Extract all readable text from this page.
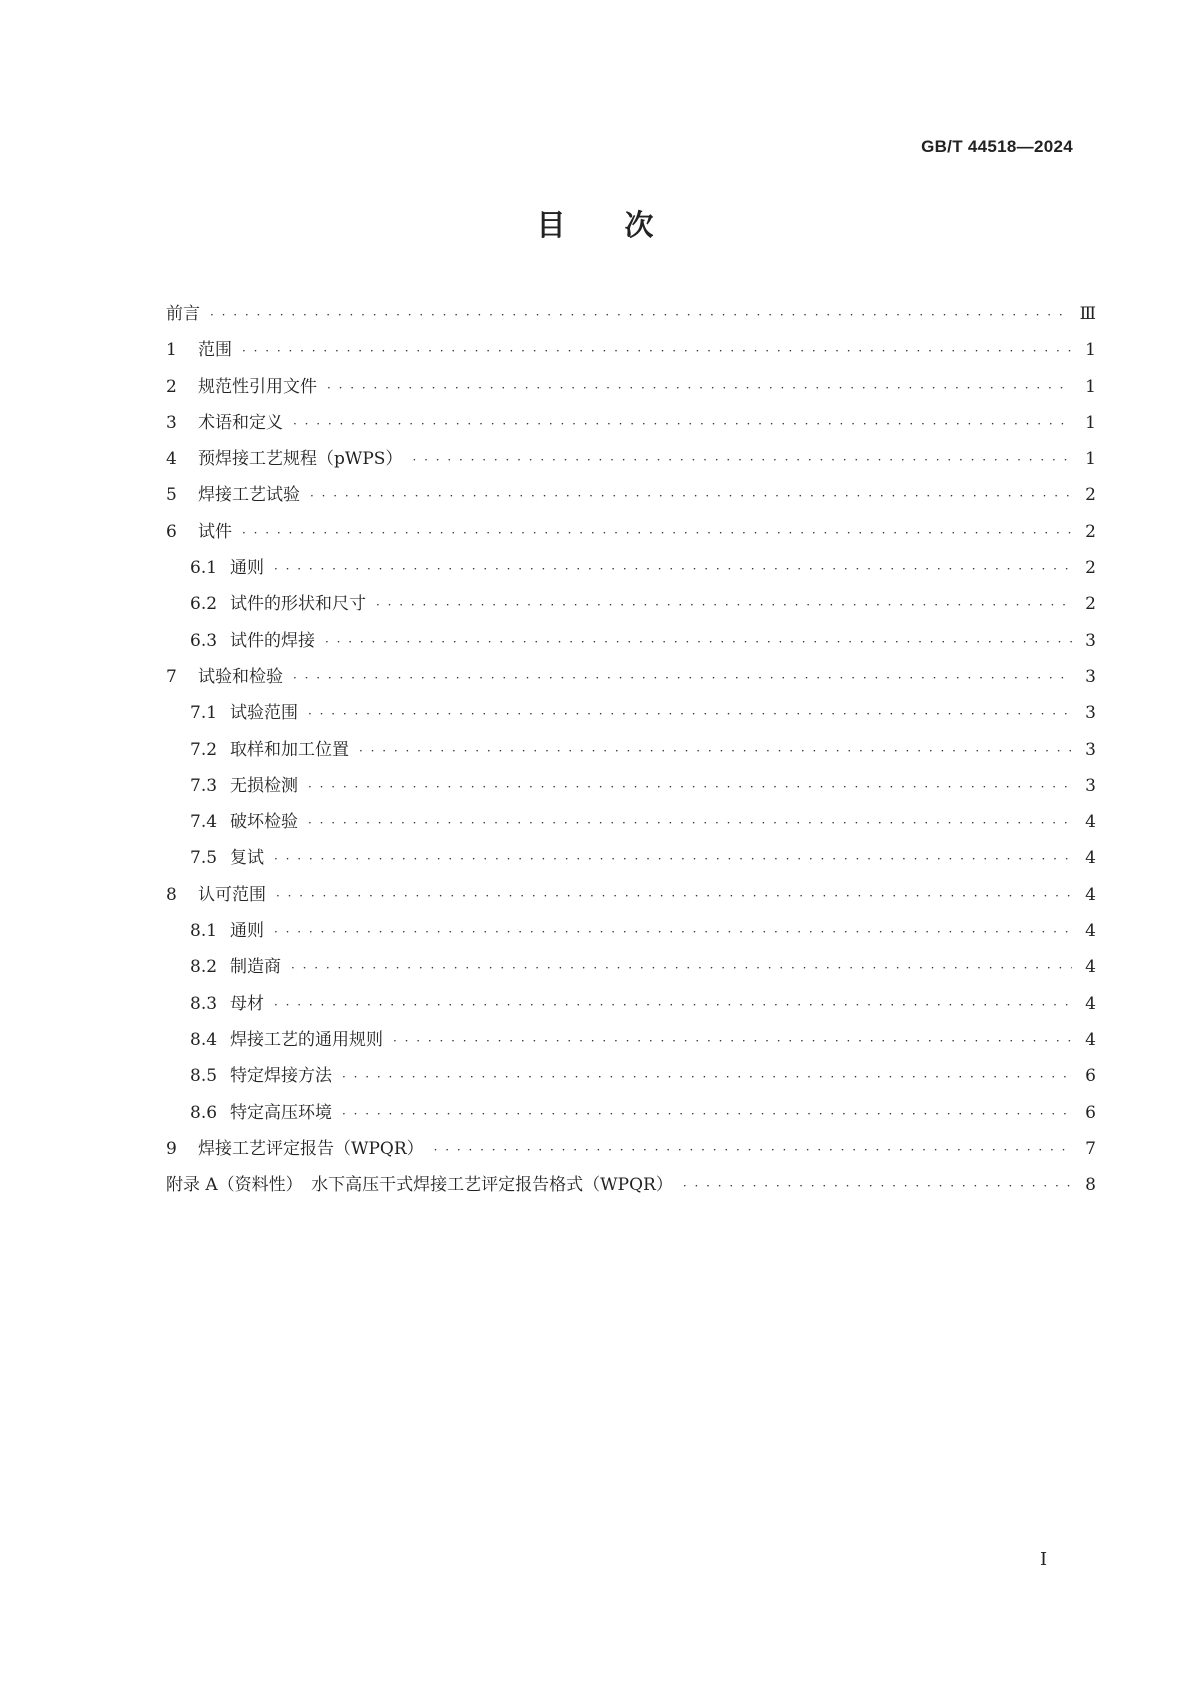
GB/T 44518—2024
目 次
前言 · · ·	Ⅲ
1	范围 · · ·	1
2	规范性引用文件 · · ·	1
3	术语和定义 · · ·	1
4	预焊接工艺规程（pWPS） · · ·	1
5	焊接工艺试验 · · ·	2
6	试件 · · ·	2
6.1 通则 · · ·	2
6.2 试件的形状和尺寸 · · ·	2
6.3 试件的焊接 · · ·	3
7	试验和检验 · · ·	3
7.1 试验范围 · · ·	3
7.2 取样和加工位置 · · ·	3
7.3 无损检测 · · ·	3
7.4 破坏检验 · · ·	4
7.5 复试 · · ·	4
8	认可范围 · · ·	4
8.1 通则 · · ·	4
8.2 制造商 · · ·	4
8.3 母材 · · ·	4
8.4 焊接工艺的通用规则 · · ·	4
8.5 特定焊接方法 · · ·	6
8.6 特定高压环境 · · ·	6
9	焊接工艺评定报告（WPQR） · · ·	7
附录 A（资料性）　水下高压干式焊接工艺评定报告格式（WPQR） · · ·	8
I
